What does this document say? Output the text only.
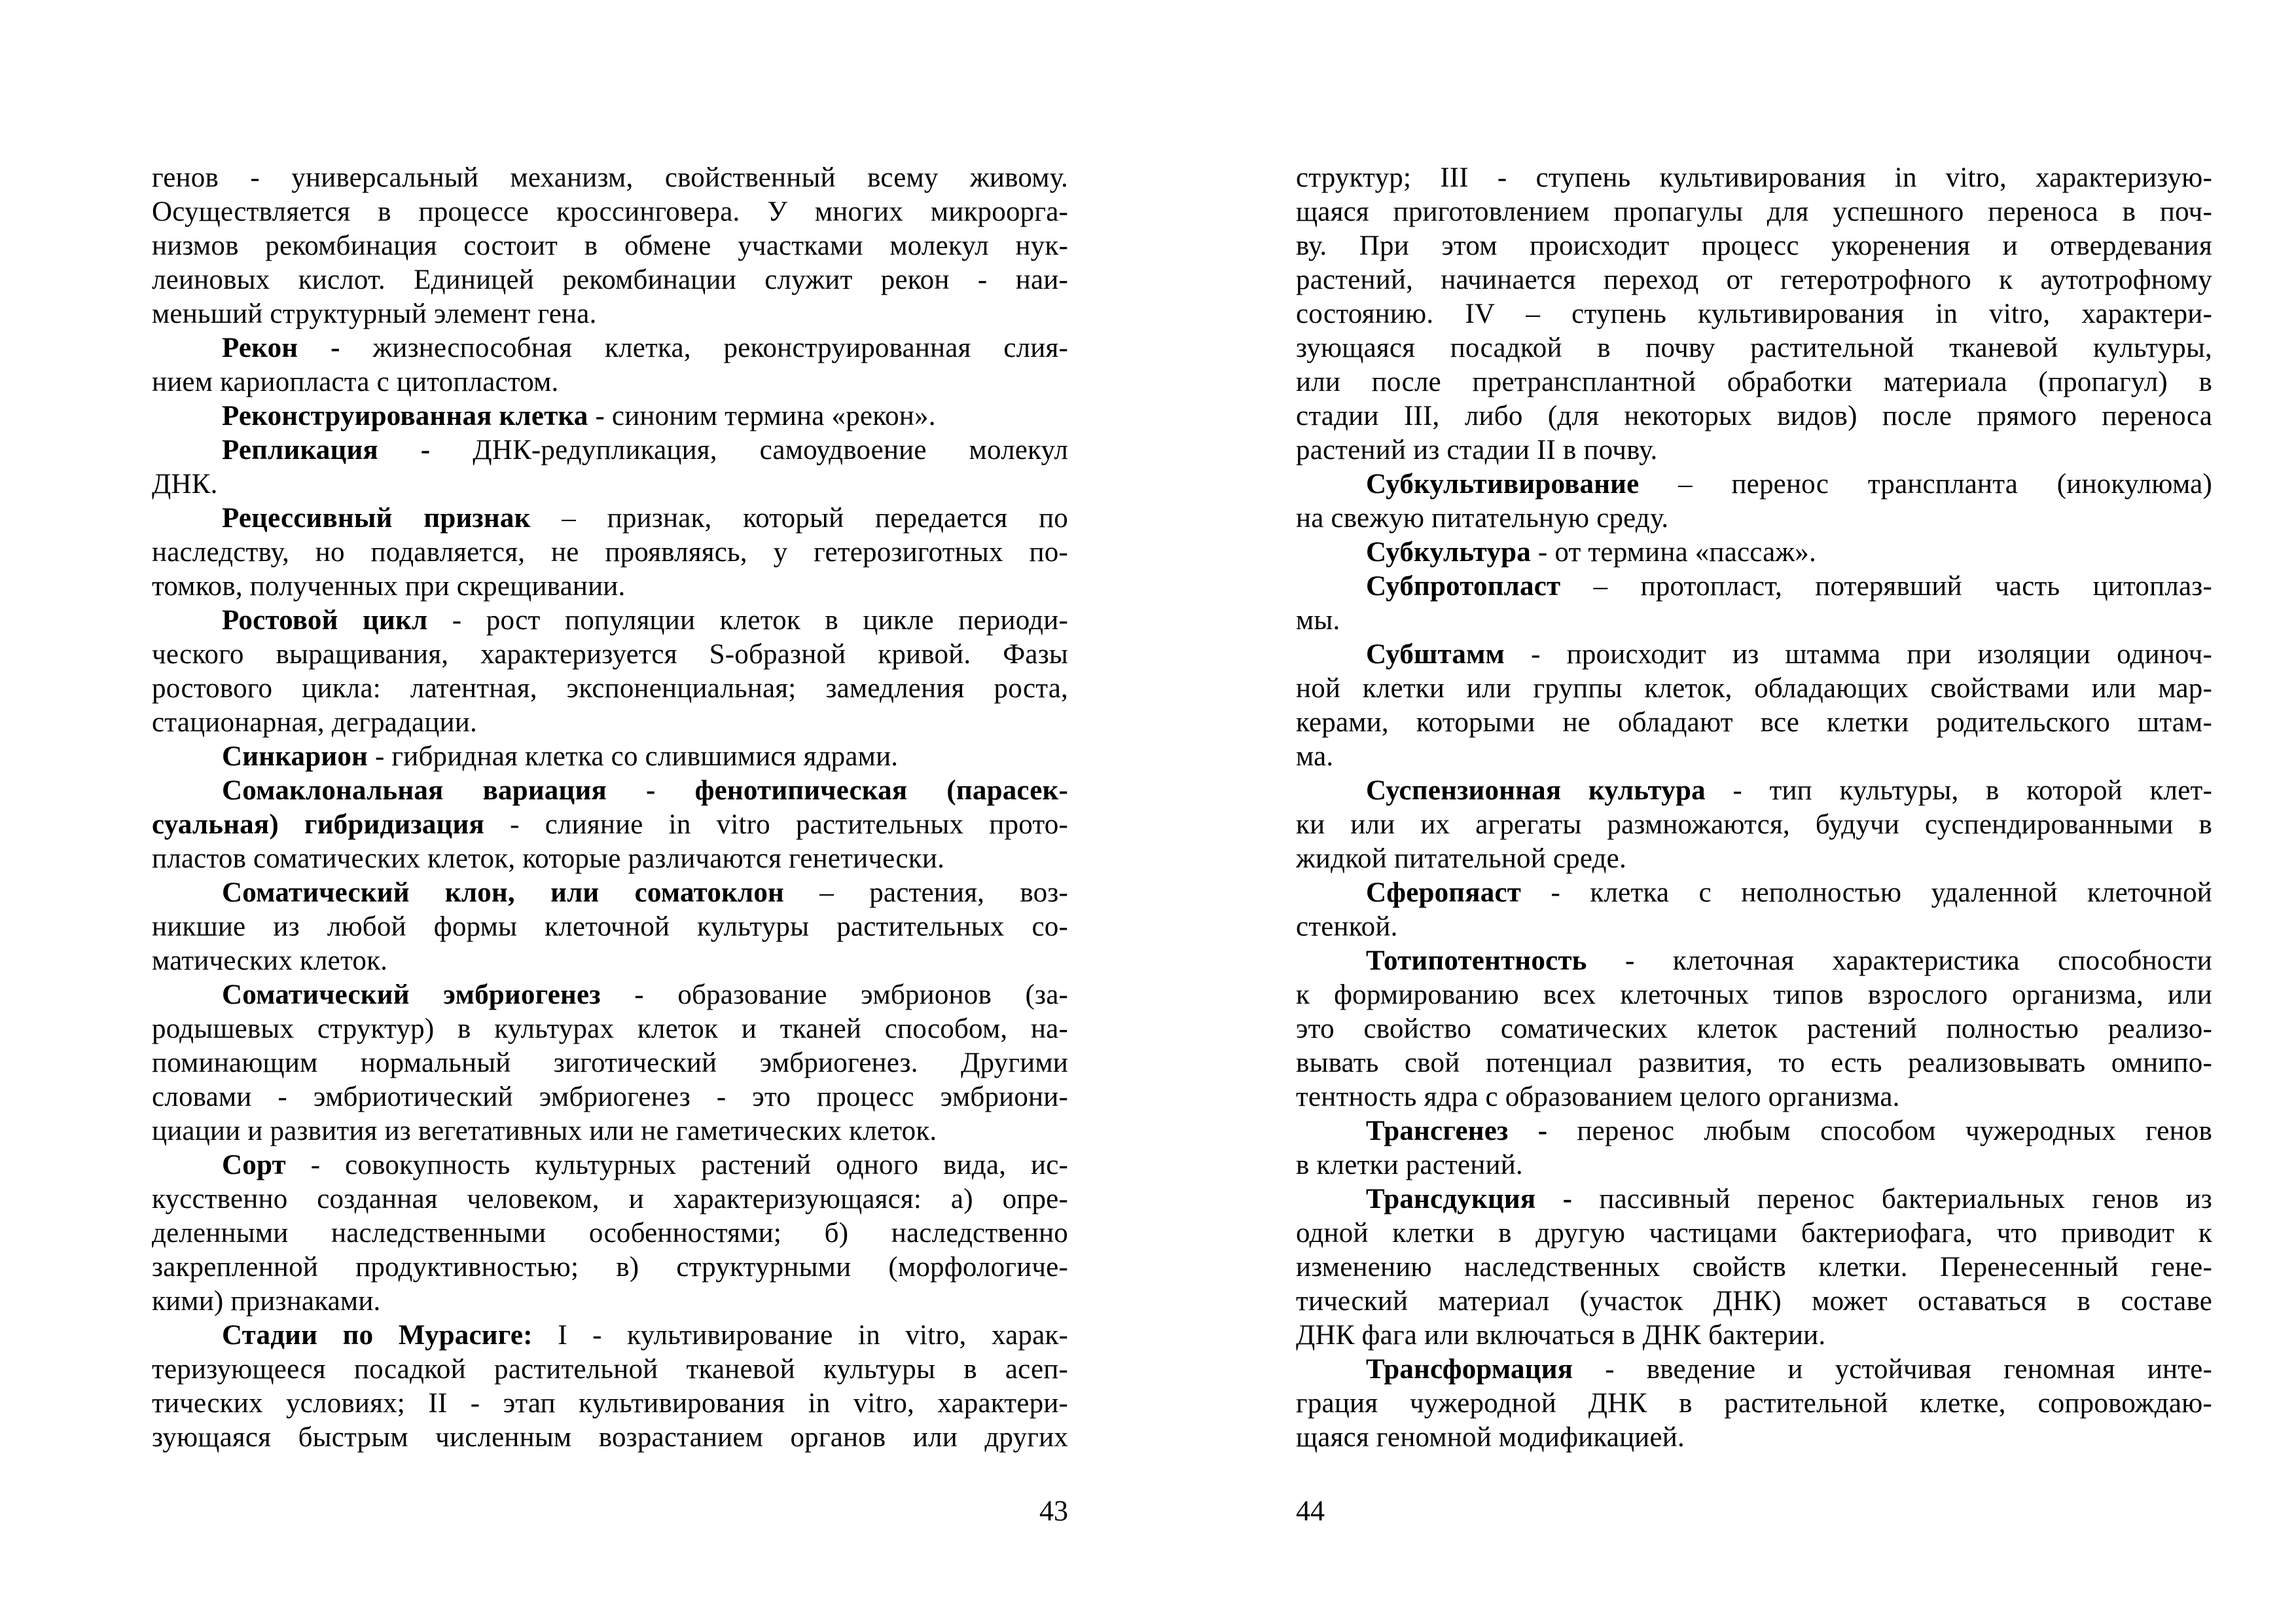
генов - универсальный механизм, свойственный всему живому.
Осуществляется в процессе кроссинговера. У многих микроорга-
низмов рекомбинация состоит в обмене участками молекул нук-
леиновых кислот. Единицей рекомбинации служит рекон - наи-
меньший структурный элемент гена.
Рекон - жизнеспособная клетка, реконструированная слия-
нием кариопласта с цитопластом.
Реконструированная клетка - синоним термина «рекон».
Репликация - ДНК-редупликация, самоудвоение молекул
ДНК.
Рецессивный признак – признак, который передается по
наследству, но подавляется, не проявляясь, у гетерозиготных по-
томков, полученных при скрещивании.
Ростовой цикл - рост популяции клеток в цикле периоди-
ческого выращивания, характеризуется S-образной кривой. Фазы
ростового цикла: латентная, экспоненциальная; замедления роста,
стационарная, деградации.
Синкарион - гибридная клетка со слившимися ядрами.
Сомаклональная вариация - фенотипическая (парасек-
суальная) гибридизация - слияние in vitro растительных прото-
пластов соматических клеток, которые различаются генетически.
Соматический клон, или соматоклон – растения, воз-
никшие из любой формы клеточной культуры растительных со-
матических клеток.
Соматический эмбриогенез - образование эмбрионов (за-
родышевых структур) в культурах клеток и тканей способом, на-
поминающим нормальный зиготический эмбриогенез. Другими
словами - эмбриотический эмбриогенез - это процесс эмбриони-
циации и развития из вегетативных или не гаметических клеток.
Сорт - совокупность культурных растений одного вида, ис-
кусственно созданная человеком, и характеризующаяся: а) опре-
деленными наследственными особенностями; б) наследственно
закрепленной продуктивностью; в) структурными (морфологиче-
кими) признаками.
Стадии по Мурасиге: I - культивирование in vitro, харак-
теризующееся посадкой растительной тканевой культуры в асеп-
тических условиях; II - этап культивирования in vitro, характери-
зующаяся быстрым численным возрастанием органов или других
43
структур; III - ступень культивирования in vitro, характеризую-
щаяся приготовлением пропагулы для успешного переноса в поч-
ву. При этом происходит процесс укоренения и отвердевания
растений, начинается переход от гетеротрофного к аутотрофному
состоянию. IV – ступень культивирования in vitro, характери-
зующаяся посадкой в почву растительной тканевой культуры,
или после претрансплантной обработки материала (пропагул) в
стадии III, либо (для некоторых видов) после прямого переноса
растений из стадии II в почву.
Субкультивирование – перенос транспланта (инокулюма)
на свежую питательную среду.
Субкультура - от термина «пассаж».
Субпротопласт – протопласт, потерявший часть цитоплаз-
мы.
Субштамм - происходит из штамма при изоляции одиноч-
ной клетки или группы клеток, обладающих свойствами или мар-
керами, которыми не обладают все клетки родительского штам-
ма.
Суспензионная культура - тип культуры, в которой клет-
ки или их агрегаты размножаются, будучи суспендированными в
жидкой питательной среде.
Сферопяаст - клетка с неполностью удаленной клеточной
стенкой.
Тотипотентность - клеточная характеристика способности
к формированию всех клеточных типов взрослого организма, или
это свойство соматических клеток растений полностью реализо-
вывать свой потенциал развития, то есть реализовывать омнипо-
тентность ядра с образованием целого организма.
Трансгенез - перенос любым способом чужеродных генов
в клетки растений.
Трансдукция - пассивный перенос бактериальных генов из
одной клетки в другую частицами бактериофага, что приводит к
изменению наследственных свойств клетки. Перенесенный гене-
тический материал (участок ДНК) может оставаться в составе
ДНК фага или включаться в ДНК бактерии.
Трансформация - введение и устойчивая геномная инте-
грация чужеродной ДНК в растительной клетке, сопровождаю-
щаяся геномной модификацией.
44
